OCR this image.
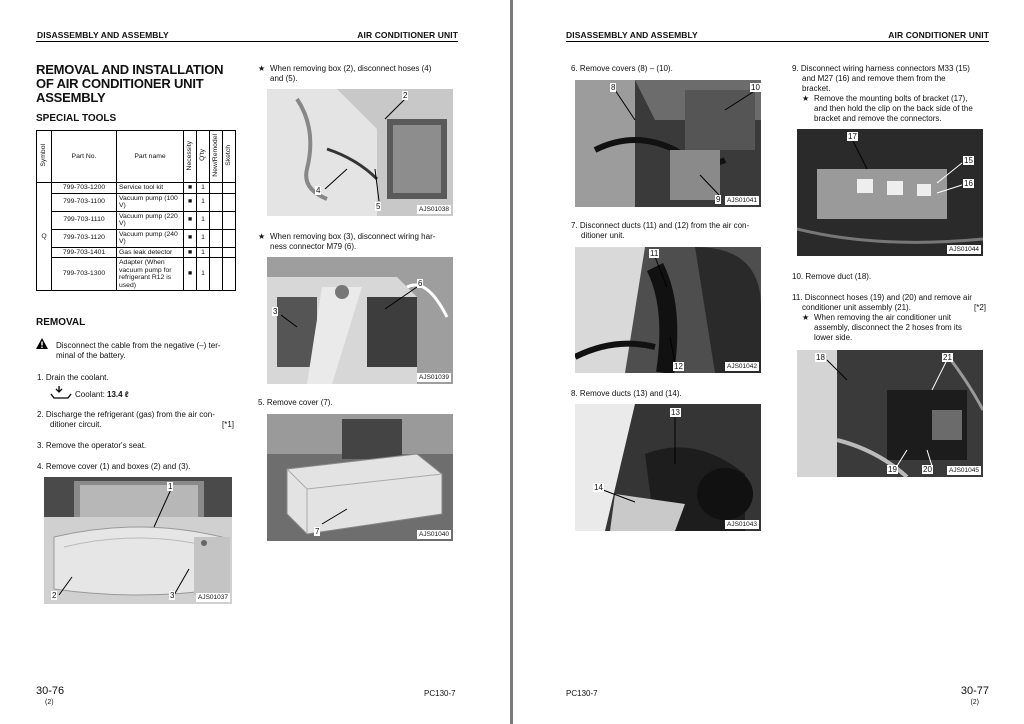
DISASSEMBLY AND ASSEMBLY	AIR CONDITIONER UNIT
REMOVAL AND INSTALLATION
OF AIR CONDITIONER UNIT
ASSEMBLY
SPECIAL TOOLS
Symbol	Part No.	Part name	Necessity	Q'ty	New/Remodel	Sketch
Q	799-703-1200	Service tool kit	■	1		
	799-703-1100	Vacuum pump (100 V)	■	1		
	799-703-1110	Vacuum pump (220 V)	■	1		
	799-703-1120	Vacuum pump (240 V)	■	1		
	799-703-1401	Gas leak detector	■	1		
	799-703-1300	Adapter (When vacuum pump for refrigerant R12 is used)	■	1		
REMOVAL
Disconnect the cable from the negative (–) ter-
minal of the battery.
1. Drain the coolant.
Coolant: 13.4 ℓ
2. Discharge the refrigerant (gas) from the air con-
ditioner circuit.	[*1]
3. Remove the operator's seat.
4. Remove cover (1) and boxes (2) and (3).
1
2	3	AJS01037
★ When removing box (2), disconnect hoses (4)
and (5).
2
4
5	AJS01038
★ When removing box (3), disconnect wiring har-
ness connector M79 (6).
6
3
AJS01039
5. Remove cover (7).
7	AJS01040
30-76
(2)
PC130-7
DISASSEMBLY AND ASSEMBLY	AIR CONDITIONER UNIT
6. Remove covers (8) – (10).
8	10
9	AJS01041
7. Disconnect ducts (11) and (12) from the air con-
ditioner unit.
11
12	AJS01042
8. Remove ducts (13) and (14).
13
14
AJS01043
9. Disconnect wiring harness connectors M33 (15)
and M27 (16) and remove them from the
bracket.
★ Remove the mounting bolts of bracket (17),
and then hold the clip on the back side of the
bracket and remove the connectors.
17
15
16
AJS01044
10. Remove duct (18).
11. Disconnect hoses (19) and (20) and remove air
conditioner unit assembly (21).
★ When removing the air conditioner unit
assembly, disconnect the 2 hoses from its
lower side.
[*2]
18	21
19	20	AJS01045
30-77
(2)
PC130-7
